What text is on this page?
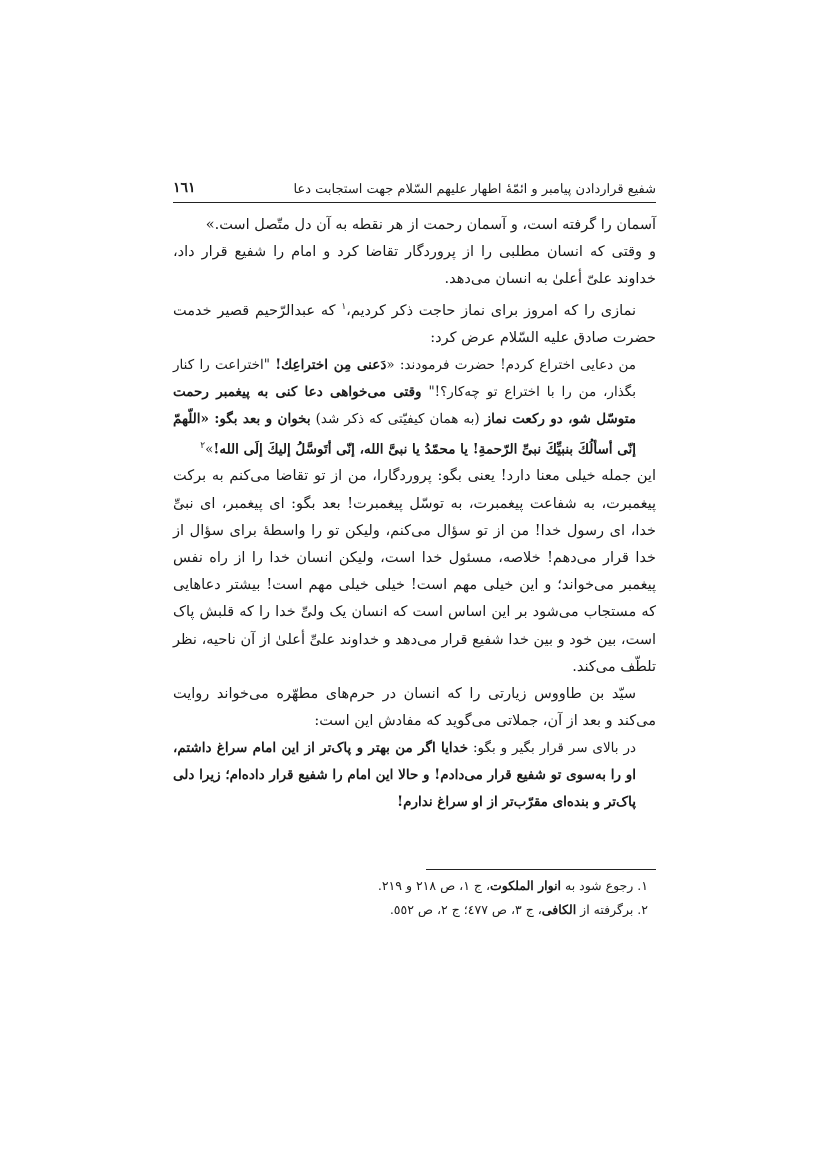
شفیع قراردادن پیامبر و ائمّهٔ اطهار علیهم السّلام جهت استجابت دعا
١٦١

آسمان را گرفته است، و آسمان رحمت از هر نقطه به آن دل متّصل است.»

و وقتی که انسان مطلبی را از پروردگار تقاضا کرد و امام را شفیع قرار داد، خداوند علیّ أعلیٰ به انسان می‌دهد.

نمازی را که امروز برای نماز حاجت ذکر کردیم،$^١$ که عبدالرّحیم قصیر خدمت حضرت صادق علیه السّلام عرض کرد:

من دعایی اختراع کردم! حضرت فرمودند: «دَعنی مِن اختراعِك! "اختراعت را کنار بگذار، من را با اختراع تو چه‌کار؟!" وقتی می‌خواهی دعا کنی به پیغمبر رحمت متوسّل شو، دو رکعت نماز (به همان کیفیّتی که ذکر شد) بخوان و بعد بگو: «اللّهمّ إنّی أسألُكَ بنبیِّكَ نبیِّ الرّحمةِ! یا محمّدُ یا نبیَّ الله، إنّی أتَوسَّلُ إلیكَ إلَی الله!»$^٢$

این جمله خیلی معنا دارد! یعنی بگو: پروردگارا، من از تو تقاضا می‌کنم به برکت پیغمبرت، به شفاعت پیغمبرت، به توسّل پیغمبرت! بعد بگو: ای پیغمبر، ای نبیِّ خدا، ای رسول خدا! من از تو سؤال می‌کنم، ولیکن تو را واسطهٔ برای سؤال از خدا قرار می‌دهم! خلاصه، مسئول خدا است، ولیکن انسان خدا را از راه نفس پیغمبر می‌خواند؛ و این خیلی مهم است! خیلی خیلی مهم است! بیشتر دعاهایی که مستجاب می‌شود بر این اساس است که انسان یک ولیِّ خدا را که قلبش پاک است، بین خود و بین خدا شفیع قرار می‌دهد و خداوند علیِّ أعلیٰ از آن ناحیه، نظر تلطّف می‌کند.

سیّد بن طاووس زیارتی را که انسان در حرم‌های مطهّره می‌خواند روایت می‌کند و بعد از آن، جملاتی می‌گوید که مفادش این است:

در بالای سر قرار بگیر و بگو: خدایا اگر من بهتر و پاک‌تر از این امام سراغ داشتم، او را به‌سوی تو شفیع قرار می‌دادم! و حالا این امام را شفیع قرار داده‌ام؛ زیرا دلی پاک‌تر و بنده‌ای مقرّب‌تر از او سراغ ندارم!

١. رجوع شود به انوار الملكوت، ج ١، ص ٢١٨ و ٢١٩.

٢. برگرفته از الكافی، ج ٣، ص ٤٧٧؛ ج ٢، ص ٥٥٢.
